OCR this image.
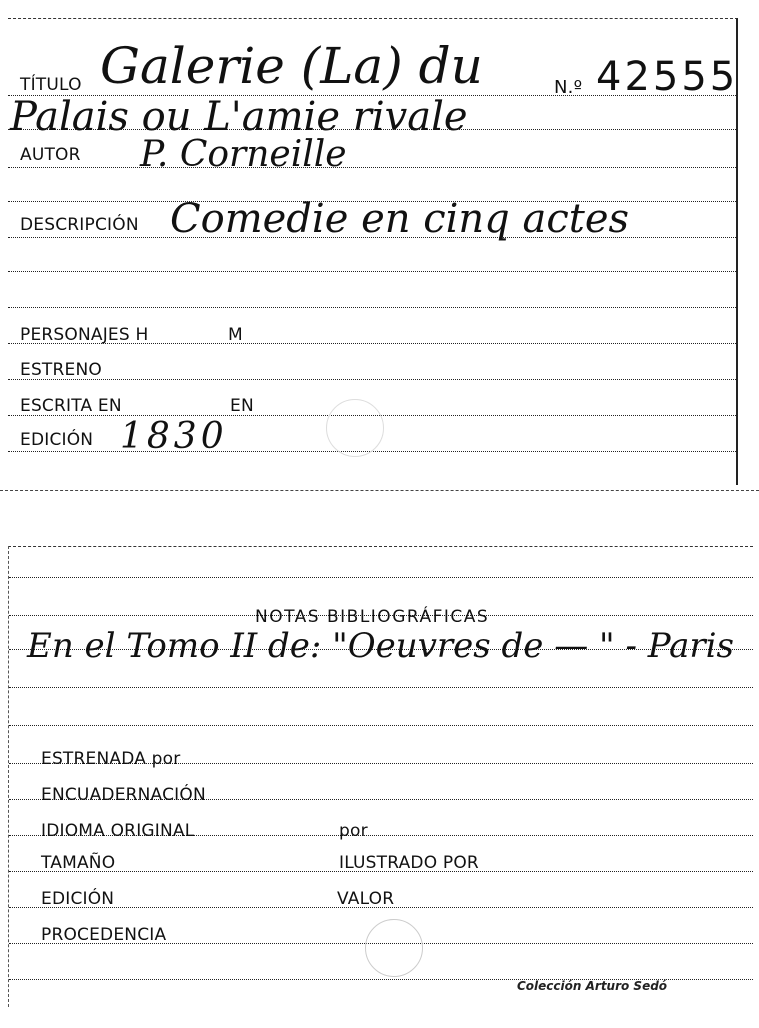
TÍTULO Galerie (La) du	N.º 42555
Palais ou L'amie rivale
AUTOR P. Corneille
DESCRIPCIÓN Comedie en cinq actes
PERSONAJES H	M
ESTRENO
ESCRITA EN	EN
EDICIÓN 1830
NOTAS BIBLIOGRÁFICAS
En el Tomo II de: "Oeuvres de — " - Paris
ESTRENADA por
ENCUADERNACIÓN
IDIOMA ORIGINAL	por
TAMAÑO	ILUSTRADO POR
EDICIÓN	VALOR
PROCEDENCIA
Colección Arturo Sedó
